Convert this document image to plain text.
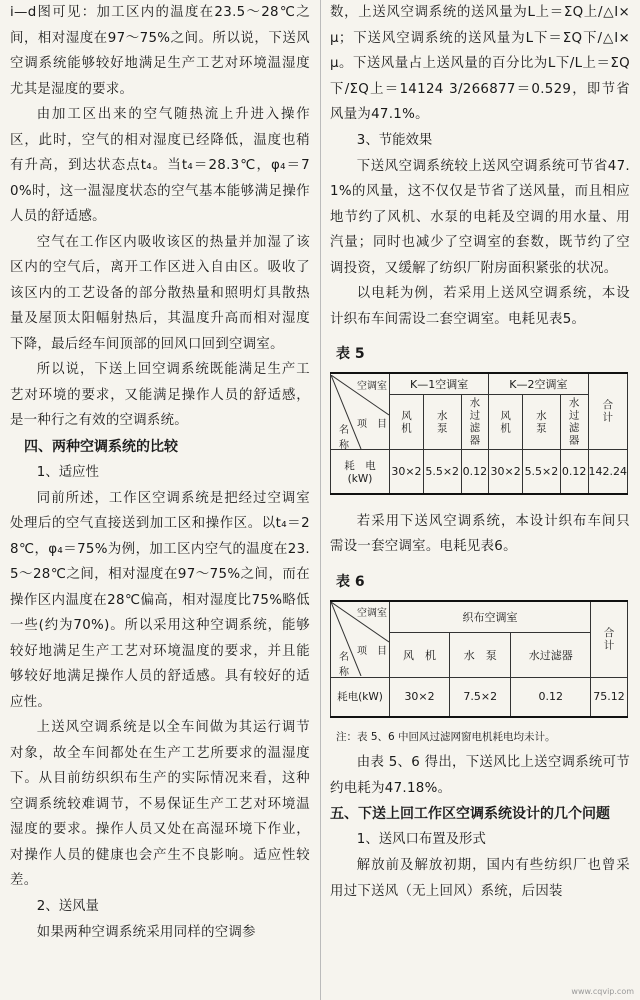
i—d图可见：加工区内的温度在23.5～28℃之间，相对湿度在97～75%之间。所以说，下送风空调系统能够较好地满足生产工艺对环境温湿度尤其是湿度的要求。

由加工区出来的空气随热流上升进入操作区，此时，空气的相对湿度已经降低，温度也稍有升高，到达状态点t₄。当t₄＝28.3℃，φ₄＝70%时，这一温湿度状态的空气基本能够满足操作人员的舒适感。

空气在工作区内吸收该区的热量并加湿了该区内的空气后，离开工作区进入自由区。吸收了该区内的工艺设备的部分散热量和照明灯具散热量及屋顶太阳幅射热后，其温度升高而相对湿度下降，最后经车间顶部的回风口回到空调室。

所以说，下送上回空调系统既能满足生产工艺对环境的要求，又能满足操作人员的舒适感，是一种行之有效的空调系统。

四、两种空调系统的比较

1、适应性

同前所述，工作区空调系统是把经过空调室处理后的空气直接送到加工区和操作区。以t₄＝28℃，φ₄＝75%为例，加工区内空气的温度在23.5～28℃之间，相对湿度在97～75%之间，而在操作区内温度在28℃偏高，相对湿度比75%略低一些(约为70%)。所以采用这种空调系统，能够较好地满足生产工艺对环境温度的要求，并且能够较好地满足操作人员的舒适感。具有较好的适应性。

上送风空调系统是以全车间做为其运行调节对象，故全车间都处在生产工艺所要求的温湿度下。从目前纺织织布生产的实际情况来看，这种空调系统较难调节，不易保证生产工艺对环境温湿度的要求。操作人员又处在高湿环境下作业，对操作人员的健康也会产生不良影响。适应性较差。

2、送风量

如果两种空调系统采用同样的空调参

数，上送风空调系统的送风量为L上＝ΣQ上/△I×μ；下送风空调系统的送风量为L下＝ΣQ下/△I×μ。下送风量占上送风量的百分比为L下/L上＝ΣQ下/ΣQ上＝14124 3/266877＝0.529，即节省风量为47.1%。

3、节能效果

下送风空调系统较上送风空调系统可节省47.1%的风量，这不仅仅是节省了送风量，而且相应地节约了风机、水泵的电耗及空调的用水量、用汽量；同时也减少了空调室的套数，既节约了空调投资，又缓解了纺织厂附房面积紧张的状况。

以电耗为例，若采用上送风空调系统，本设计织布车间需设二套空调室。电耗见表5。

表 5

空调室
项　目
名　称	K—1空调室			K—2空调室			合计

	风机	水泵	水过滤器	风机	水泵	水过滤器	

耗　电 (kW)	30×2	5.5×2	0.12	30×2	5.5×2	0.12	142.24

若采用下送风空调系统，本设计织布车间只需设一套空调室。电耗见表6。

表 6

空调室
项　目
名　称	织布空调室			合计

	风　机	水　泵	水过滤器	
耗电(kW)	30×2	7.5×2	0.12	75.12

注：表 5、6 中回风过滤网窗电机耗电均未计。

由表 5、6 得出，下送风比上送空调系统可节约电耗为47.18%。

五、下送上回工作区空调系统设计的几个问题

1、送风口布置及形式

解放前及解放初期，国内有些纺织厂也曾采用过下送风（无上回风）系统，后因装

www.cqvip.com
